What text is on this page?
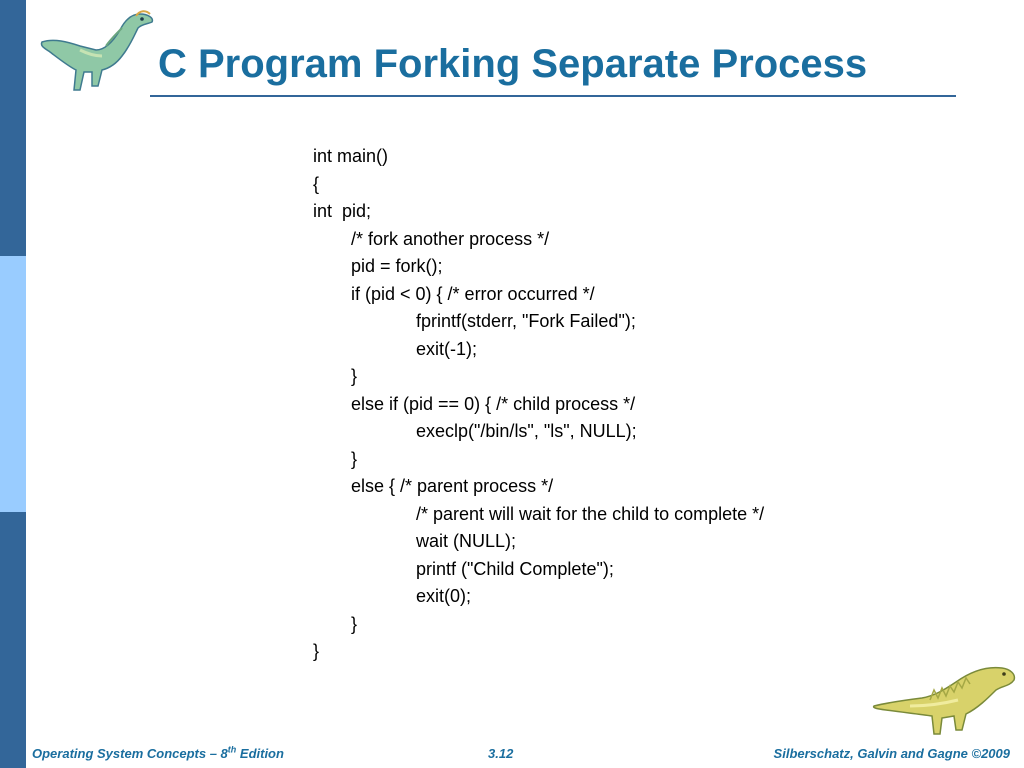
C Program Forking Separate Process
int main()
{
int  pid;
/* fork another process */
pid = fork();
if (pid < 0) { /* error occurred */
fprintf(stderr, "Fork Failed");
exit(-1);
}
else if (pid == 0) { /* child process */
execlp("/bin/ls", "ls", NULL);
}
else { /* parent process */
/* parent will wait for the child to complete */
wait (NULL);
printf ("Child Complete");
exit(0);
}
}
Operating System Concepts – 8th Edition	3.12	Silberschatz, Galvin and Gagne ©2009
